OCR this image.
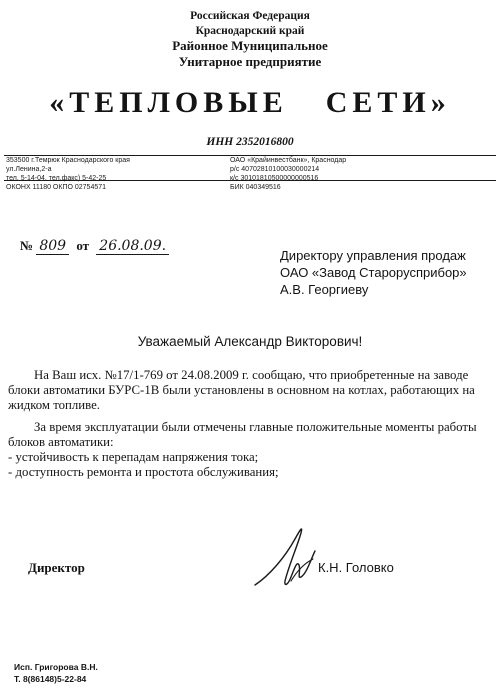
Российская Федерация
Краснодарский край
Районное Муниципальное
Унитарное предприятие
«ТЕПЛОВЫЕ СЕТИ»
ИНН 2352016800
353500 г.Темрюк Краснодарского края
ул.Ленина,2-а
тел. 5-14-04, тел.факс) 5-42-25
ОКОНХ 11180 ОКПО 02754571
ОАО «Крайинвестбанк», Краснодар
р/с 40702810100030000214
к/с 30101810500000000516
БИК 040349516
№ 809 от 26.08.09.
Директору управления продаж
ОАО «Завод Старорусприбор»
А.В. Георгиеву
Уважаемый Александр Викторович!

На Ваш исх. №17/1-769 от 24.08.2009 г. сообщаю, что приобретенные на заводе блоки автоматики БУРС-1В были установлены в основном на котлах, работающих на жидком топливе.

За время эксплуатации были отмечены главные положительные моменты работы блоков автоматики:

- устойчивость к перепадам напряжения тока;

- доступность ремонта и простота обслуживания;

Директор	К.Н. Головко
Исп. Григорова В.Н.
Т. 8(86148)5-22-84
